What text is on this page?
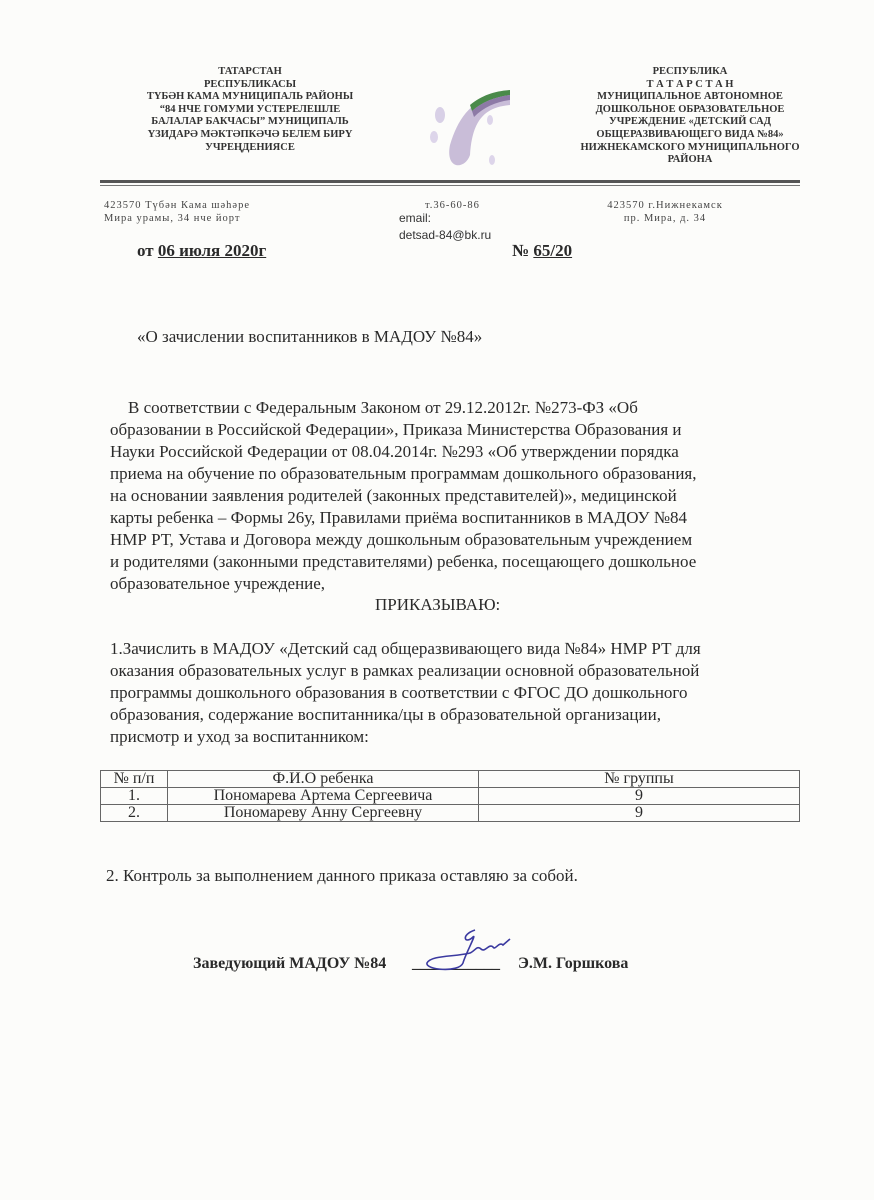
ТАТАРСТАН
РЕСПУБЛИКАСЫ
ТҮБӘН КАМА МУНИЦИПАЛЬ РАЙОНЫ
“84 НЧЕ ГОМУМИ УСТЕРЕЛЕШЛЕ
БАЛАЛАР БАКЧАСЫ” МУНИЦИПАЛЬ
ҮЗИДАРӘ МӘКТӘПКӘЧӘ БЕЛЕМ БИРҮ
УЧРЕҢДЕНИЯСЕ
РЕСПУБЛИКА
Т А Т А Р С Т А Н
МУНИЦИПАЛЬНОЕ АВТОНОМНОЕ
ДОШКОЛЬНОЕ ОБРАЗОВАТЕЛЬНОЕ
УЧРЕЖДЕНИЕ «ДЕТСКИЙ САД
ОБЩЕРАЗВИВАЮЩЕГО ВИДА №84»
НИЖНЕКАМСКОГО МУНИЦИПАЛЬНОГО
РАЙОНА
423570 Түбән Кама шәһәре
Мира урамы, 34 нче йорт
т.36-60-86
email:
detsad-84@bk.ru
423570 г.Нижнекамск
пр. Мира, д. 34
от 06 июля 2020г	№ 65/20
«О зачислении воспитанников в МАДОУ №84»
В соответствии с Федеральным Законом от 29.12.2012г. №273-ФЗ «Об
образовании в Российской Федерации», Приказа Министерства Образования и
Науки Российской Федерации от 08.04.2014г. №293 «Об утверждении порядка
приема на обучение по образовательным программам дошкольного образования,
на основании заявления родителей (законных представителей)», медицинской
карты ребенка – Формы 26у, Правилами приёма воспитанников в МАДОУ №84
НМР РТ, Устава и Договора между дошкольным образовательным учреждением
и родителями (законными представителями) ребенка, посещающего дошкольное
образовательное учреждение,
ПРИКАЗЫВАЮ:
1.Зачислить в МАДОУ «Детский сад общеразвивающего вида №84» НМР РТ для
оказания образовательных услуг в рамках реализации основной образовательной
программы дошкольного образования в соответствии с ФГОС ДО дошкольного
образования, содержание воспитанника/цы в образовательной организации,
присмотр и уход за воспитанником:
№ п/п	Ф.И.О ребенка	№ группы
1.	Пономарева Артема Сергеевича	9
2.	Пономареву Анну Сергеевну	9
2. Контроль за выполнением данного приказа оставляю за собой.
Заведующий МАДОУ №84 ___________ Э.М. Горшкова
